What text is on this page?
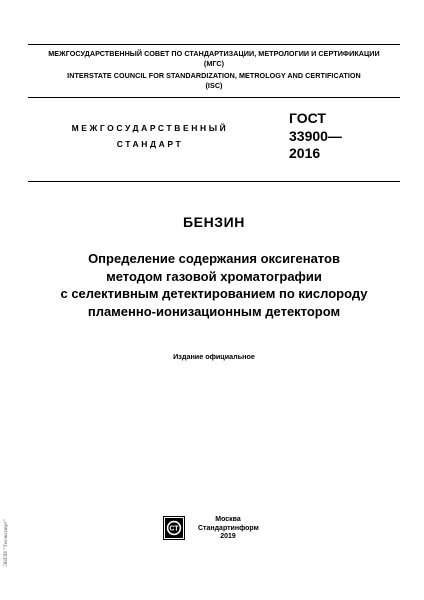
МЕЖГОСУДАРСТВЕННЫЙ СОВЕТ ПО СТАНДАРТИЗАЦИИ, МЕТРОЛОГИИ И СЕРТИФИКАЦИИ
(МГС)
INTERSTATE COUNCIL FOR STANDARDIZATION, METROLOGY AND CERTIFICATION
(ISC)
МЕЖГОСУДАРСТВЕННЫЙ
СТАНДАРТ
ГОСТ
33900—
2016
БЕНЗИН
Определение содержания оксигенатов
методом газовой хроматографии
с селективным детектированием по кислороду
пламенно-ионизационным детектором
Издание официальное
СТ
Москва
Стандартинформ
2019
ЭНПИ "Техэксперт"
